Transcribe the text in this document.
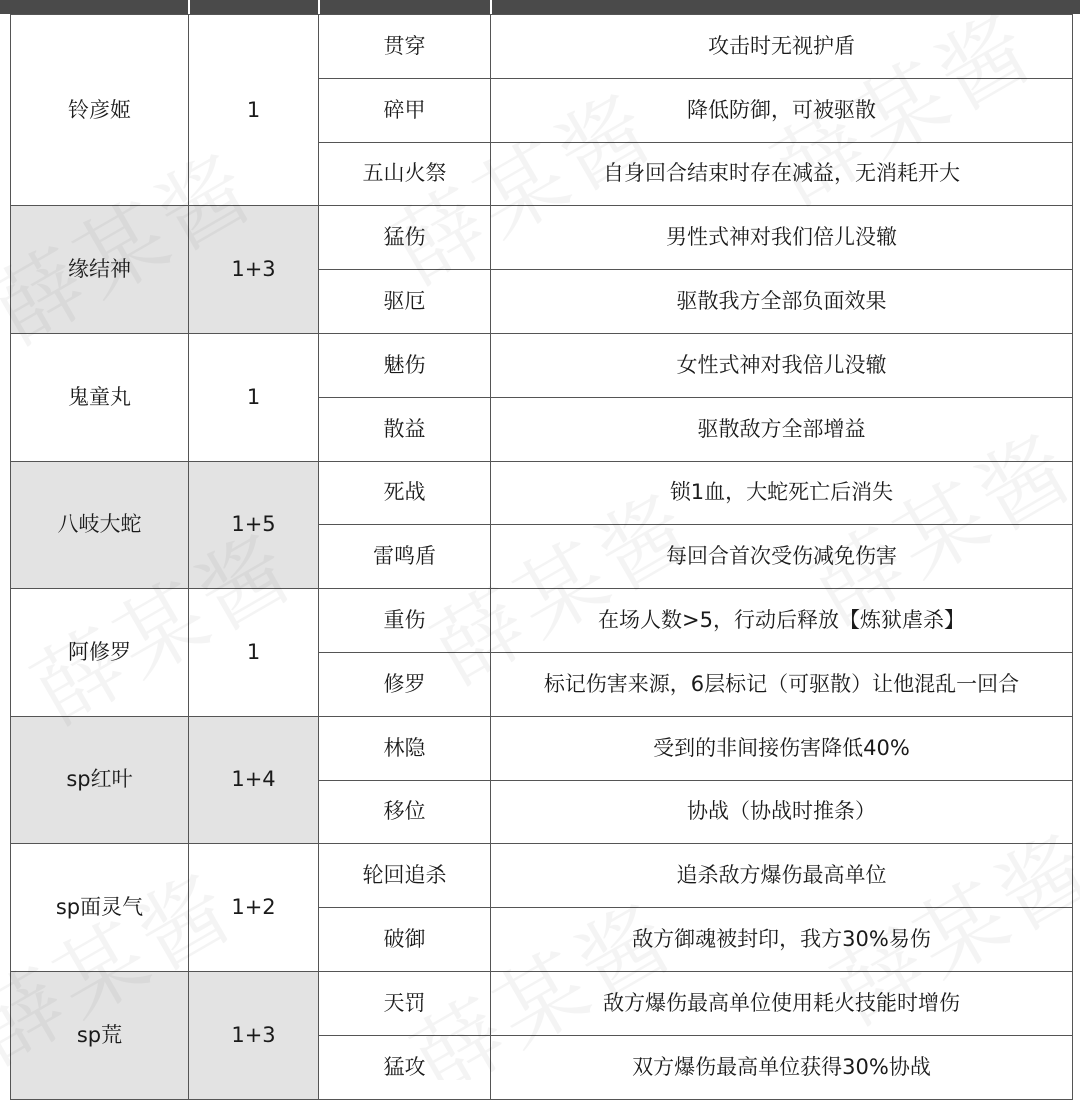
铃彦姬	1	贯穿	攻击时无视护盾
		碎甲	降低防御，可被驱散
		五山火祭	自身回合结束时存在减益，无消耗开大
缘结神	1+3	猛伤	男性式神对我们倍儿没辙
		驱厄	驱散我方全部负面效果
鬼童丸	1	魅伤	女性式神对我倍儿没辙
		散益	驱散敌方全部增益
八岐大蛇	1+5	死战	锁1血，大蛇死亡后消失
		雷鸣盾	每回合首次受伤减免伤害
阿修罗	1	重伤	在场人数>5，行动后释放【炼狱虐杀】
		修罗	标记伤害来源，6层标记（可驱散）让他混乱一回合
sp红叶	1+4	林隐	受到的非间接伤害降低40%
		移位	协战（协战时推条）
sp面灵气	1+2	轮回追杀	追杀敌方爆伤最高单位
		破御	敌方御魂被封印，我方30%易伤
sp荒	1+3	天罚	敌方爆伤最高单位使用耗火技能时增伤
		猛攻	双方爆伤最高单位获得30%协战
